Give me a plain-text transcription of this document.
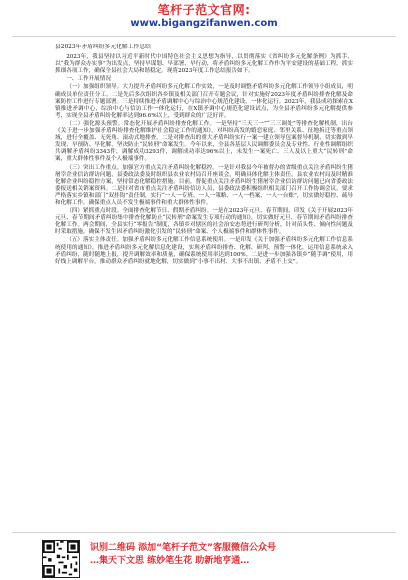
笔杆子范文官网:
www.bigangzifanwen.com

县2023年矛盾纠纷多元化解工作总结

2023年，我县坚持以习近平新时代中国特色社会主义思想为指导，以贯彻落实《省纠纷多元化解条例》为抓手，以“我为群众办实事”为出发点，坚持早谋划、早部署、早行动，将矛盾纠纷多元化解工作作为平安建设的基础工程，抓实抓细各项工作，确保全县社会大局和谐稳定。现将2023年度工作总结报告如下。

一、工作开展情况

（一）加强组织领导。大力提升矛盾纠纷多元化解工作实效，一是及时调整矛盾纠纷多元化解工作领导小组成员，明确成员单位责任分工。二是先后多次组织各乡镇及相关部门召开专题会议，针对实施好2023年度矛盾纠纷排查化解及命案防控工作进行专题部署。三是持续推进矛盾调解中心与综治中心规范化建设，一体化运行。2023年，我县成功探索在X镇推进矛调中心，综治中心与信访工作一体化运行，在X镇矛调中心规范化建设试点，为全县矛盾纠纷多元化解提供参考，实现全县矛盾纠纷化解率达到96.6%以上，受到群众的广泛好评。

（二）强化源头预警。常态化开展矛盾纠纷排查化解工作。一是坚持“三天三一”“三三调处”等排查化解机制，出台《关于进一步加强矛盾纠纷排查化解维护社会稳定工作的通知》，对纠纷高发的婚恋家庭、邻里关系、征地拆迁等重点领域，进行全覆盖、无死角、滚动式地排查。二是对排查出的重大矛盾纠纷实行一案一建立领导包案督导机制，切实做到早发现、早预防、早化解，坚决防止“民转刑”命案发生。今年以来，全县各基层人民调解委员会及专业性、行业性调解组织共调解矛盾纠纷3343件，调解成功3293件，调解成功率达96%以上，未发生一案死亡、三人及以上重大“民转刑”命案，重大群体性事件及个人极端事件。

（三）突出工作重点。加强官方重点关注矛盾纠纷化解稳控。一是针对我县今年被督办的省级重点关注矛盾纠纷生猪屠宰企业信访群访问题，县委政法委及时组织县农业农村局召开座谈会，明确具体化解主体责任，县农业农村局及时精准化解企业纠纷稳控方案，坚持常态化解稳控措施，目前，督促重点关注矛盾纠纷生猪屠宰企业信访群访问题已向省委政法委报送相关销案资料。二是针对省市重点关注矛盾纠纷信访人员，县委政法委积极组织相关部门召开工作协调会议，要求严格落实乡镇和部门“双挂钩”责任制，实行“一人一专班、一人一策略、一人一档案、一人一台账”，切实做好稳控、疏导和化解工作，确保重点人员不发生极端事件和重大群体性事件。

（四）紧抓重点时段。全面排查化解节日、假期矛盾纠纷。一是在2023年元旦、春节期间，印发《关于开展2023年元旦、春节期间矛盾纠纷集中排查化解防止“民转刑”命案发生专项行动的通知》，切实做好元旦、春节期间矛盾纠纷排查化解工作。两会期间，全县实行“零报告”制度，各镇乡对辖区的社会治安态势进行研判分析，针对苗头性、倾向性问题及时采取措施，确保不发生因矛盾纠纷激化引发的“民转刑”命案、个人极端事件和群体性事件。

（五）落实主体责任。加强矛盾纠纷多元化解工作信息系统使用。一是印发《关于加强矛盾纠纷多元化解工作信息系统使用的通知》，推进矛盾纠纷多元化解信息化建设，实现矛盾纠纷排查、化解、研判、预警一体化，运用信息系统录入矛盾纠纷，随时随地上报，提升调解效率和质量，确保系统使用率达到100%。二是进一步加强各镇乡“随手调”使用，用好线上调解平台，推动群众矛盾纠纷就地化解，切实做到“小事不出村、大事不出镇、矛盾不上交”。

识别二维码 添加“笔杆子范文”客服微信公众号
…集天下文思 练妙笔生花 助新地亨通…
